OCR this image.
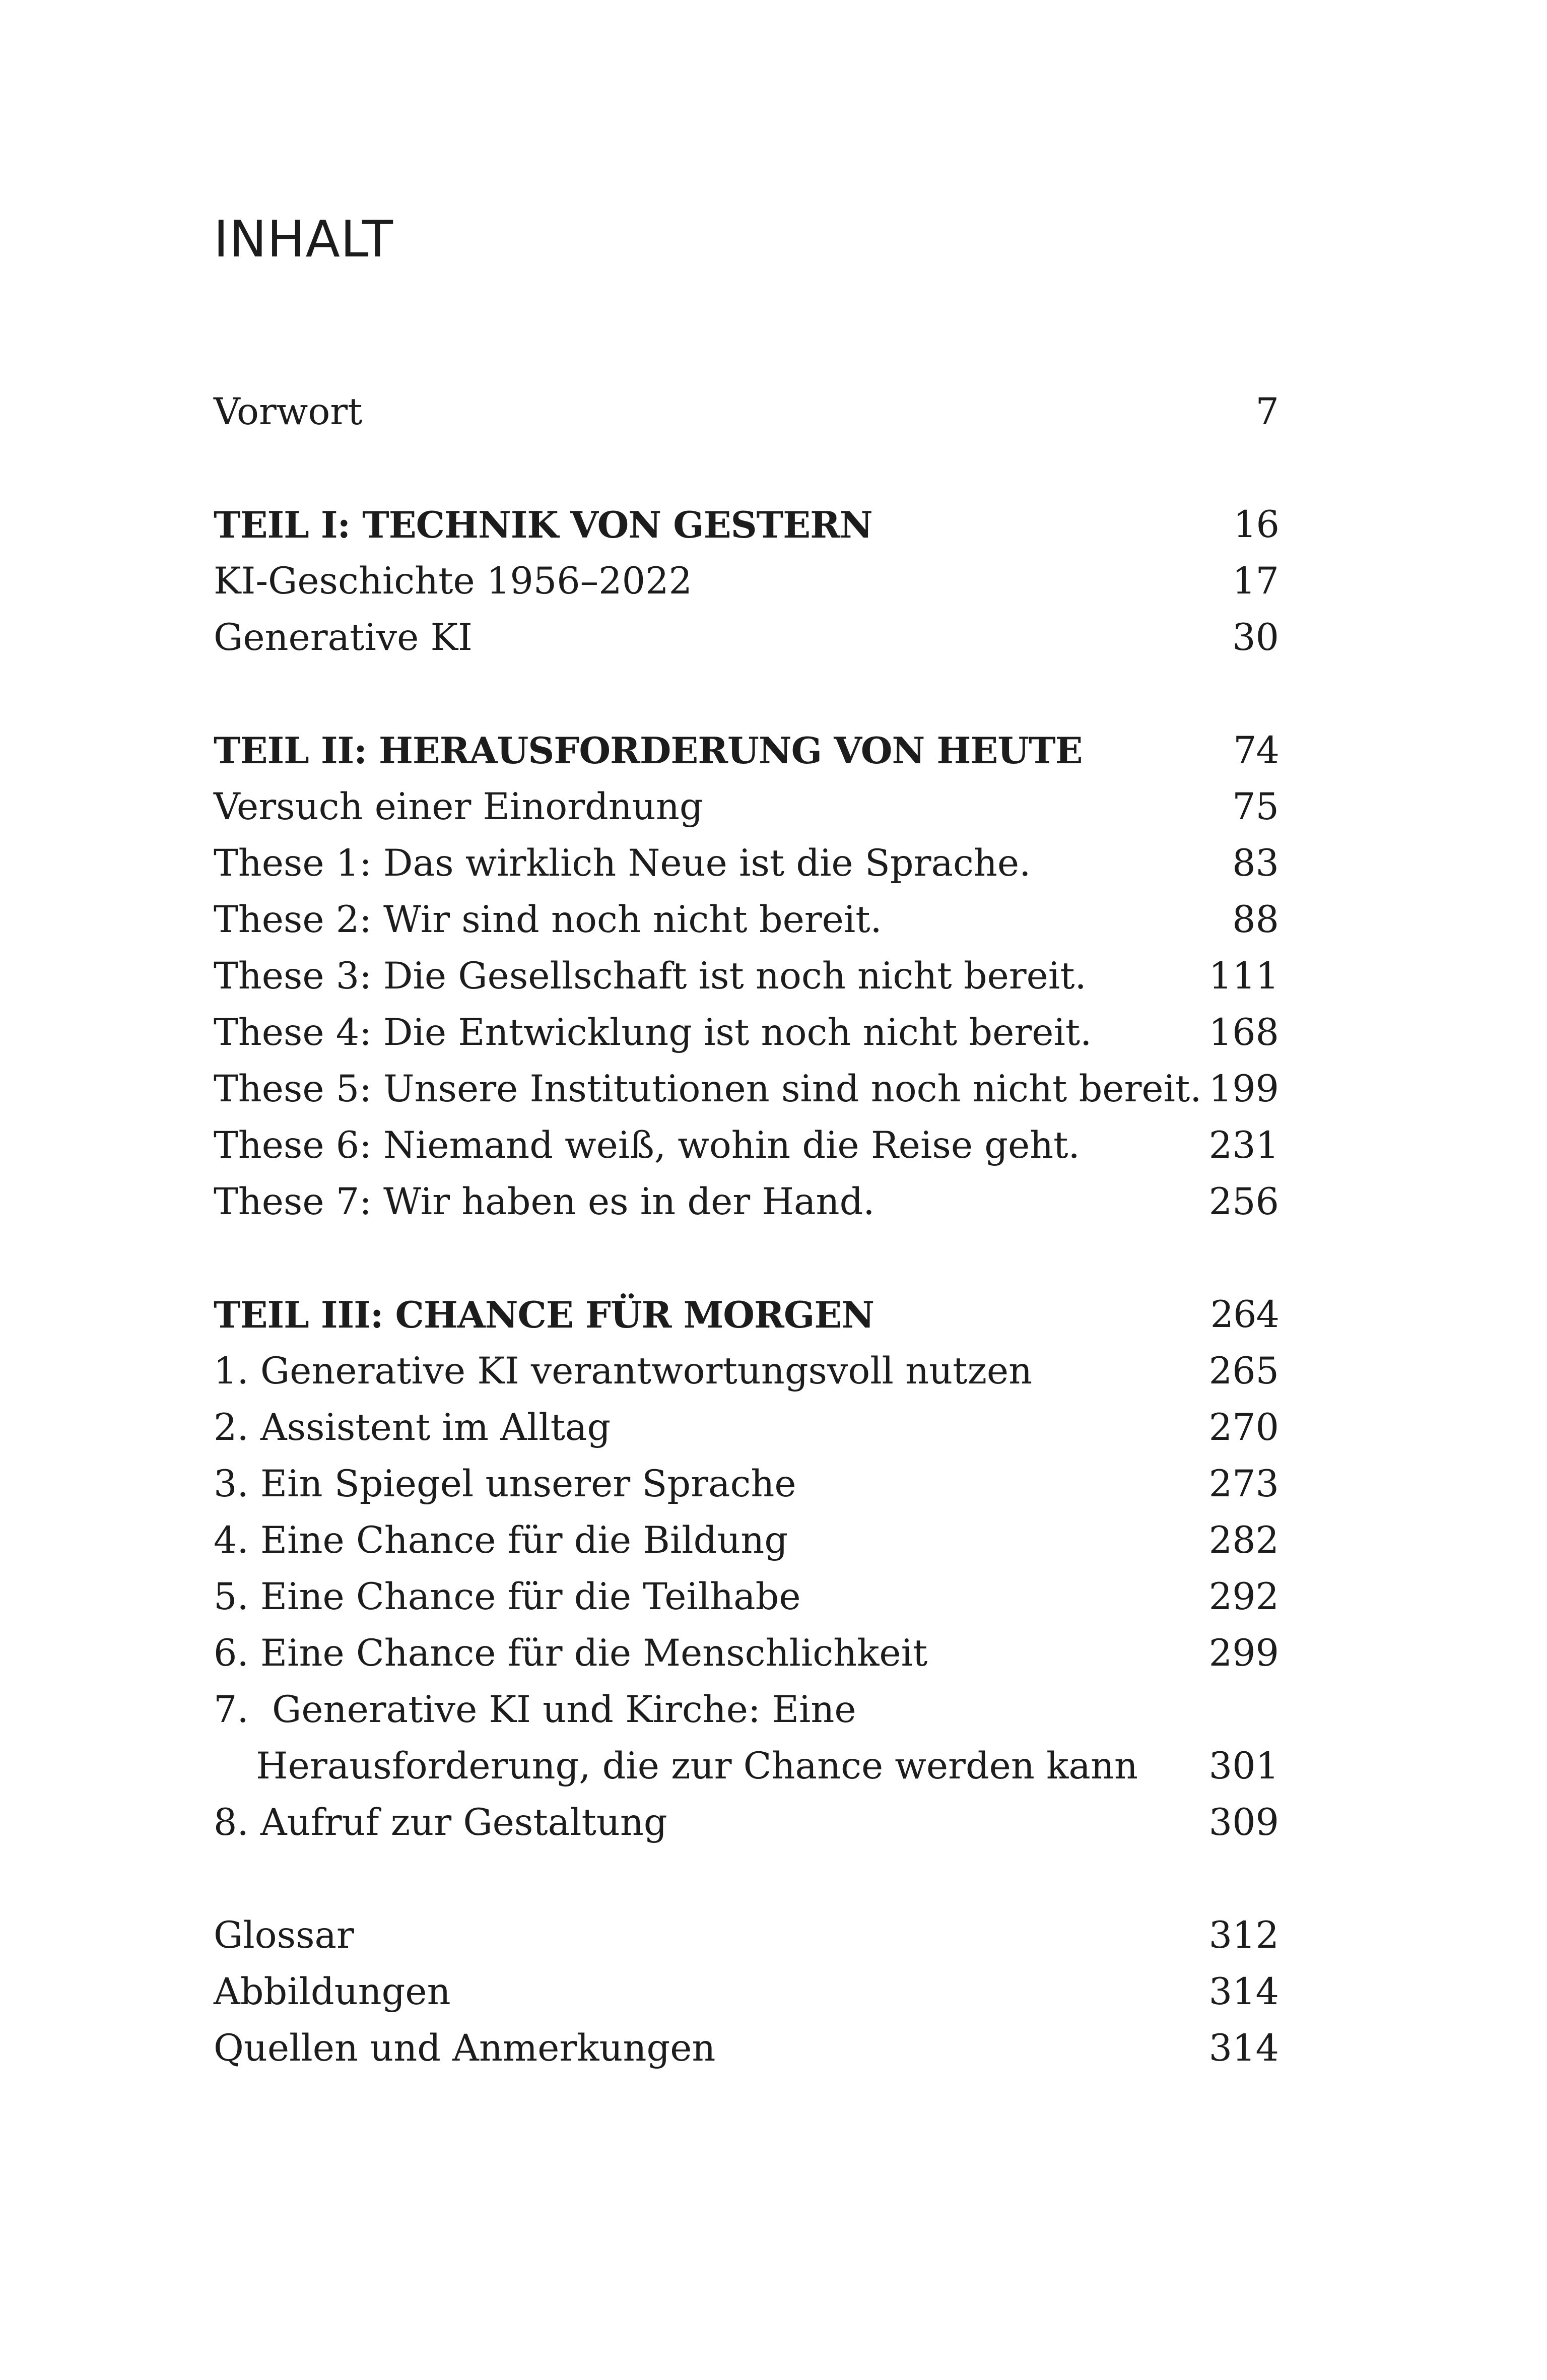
INHALT
Vorwort	7
TEIL I: TECHNIK VON GESTERN	16
KI-Geschichte 1956–2022	17
Generative KI	30
TEIL II: HERAUSFORDERUNG VON HEUTE	74
Versuch einer Einordnung	75
These 1: Das wirklich Neue ist die Sprache.	83
These 2: Wir sind noch nicht bereit.	88
These 3: Die Gesellschaft ist noch nicht bereit.	111
These 4: Die Entwicklung ist noch nicht bereit.	168
These 5: Unsere Institutionen sind noch nicht bereit. 199
These 6: Niemand weiß, wohin die Reise geht.	231
These 7: Wir haben es in der Hand.	256
TEIL III: CHANCE FÜR MORGEN	264
1. Generative KI verantwortungsvoll nutzen	265
2. Assistent im Alltag	270
3. Ein Spiegel unserer Sprache	273
4. Eine Chance für die Bildung	282
5. Eine Chance für die Teilhabe	292
6. Eine Chance für die Menschlichkeit	299
7.  Generative KI und Kirche: Eine
Herausforderung, die zur Chance werden kann 301
8. Aufruf zur Gestaltung	309
Glossar	312
Abbildungen	314
Quellen und Anmerkungen	314
